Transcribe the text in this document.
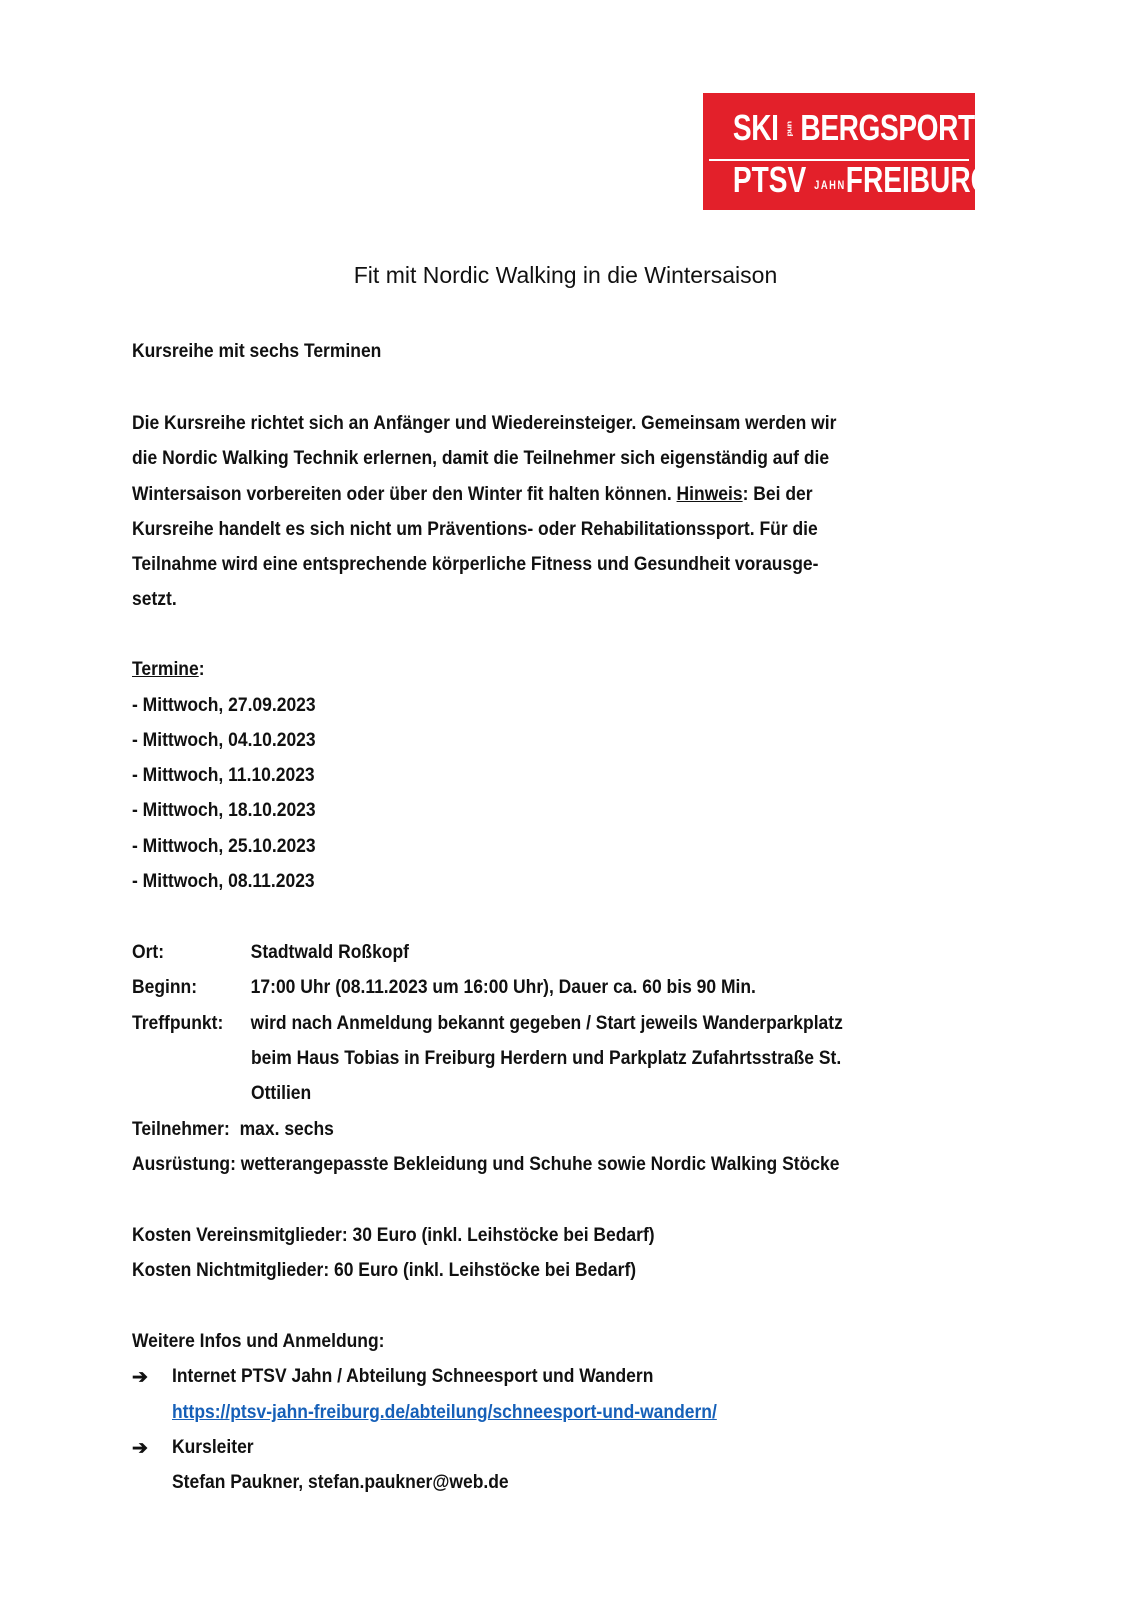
SKI und BERGSPORT
PTSV JAHNFREIBURG
Fit mit Nordic Walking in die Wintersaison
Kursreihe mit sechs Terminen
Die Kursreihe richtet sich an Anfänger und Wiedereinsteiger. Gemeinsam werden wir
die Nordic Walking Technik erlernen, damit die Teilnehmer sich eigenständig auf die
Wintersaison vorbereiten oder über den Winter fit halten können. Hinweis: Bei der
Kursreihe handelt es sich nicht um Präventions- oder Rehabilitationssport. Für die
Teilnahme wird eine entsprechende körperliche Fitness und Gesundheit vorausge-
setzt.
Termine:
- Mittwoch, 27.09.2023
- Mittwoch, 04.10.2023
- Mittwoch, 11.10.2023
- Mittwoch, 18.10.2023
- Mittwoch, 25.10.2023
- Mittwoch, 08.11.2023
Ort:	Stadtwald Roßkopf
Beginn:	17:00 Uhr (08.11.2023 um 16:00 Uhr), Dauer ca. 60 bis 90 Min.
Treffpunkt: wird nach Anmeldung bekannt gegeben / Start jeweils Wanderparkplatz
beim Haus Tobias in Freiburg Herdern und Parkplatz Zufahrtsstraße St.
Ottilien
Teilnehmer: max. sechs
Ausrüstung: wetterangepasste Bekleidung und Schuhe sowie Nordic Walking Stöcke
Kosten Vereinsmitglieder: 30 Euro (inkl. Leihstöcke bei Bedarf)
Kosten Nichtmitglieder: 60 Euro (inkl. Leihstöcke bei Bedarf)
Weitere Infos und Anmeldung:
➔ Internet PTSV Jahn / Abteilung Schneesport und Wandern
https://ptsv-jahn-freiburg.de/abteilung/schneesport-und-wandern/
➔ Kursleiter
Stefan Paukner, stefan.paukner@web.de
